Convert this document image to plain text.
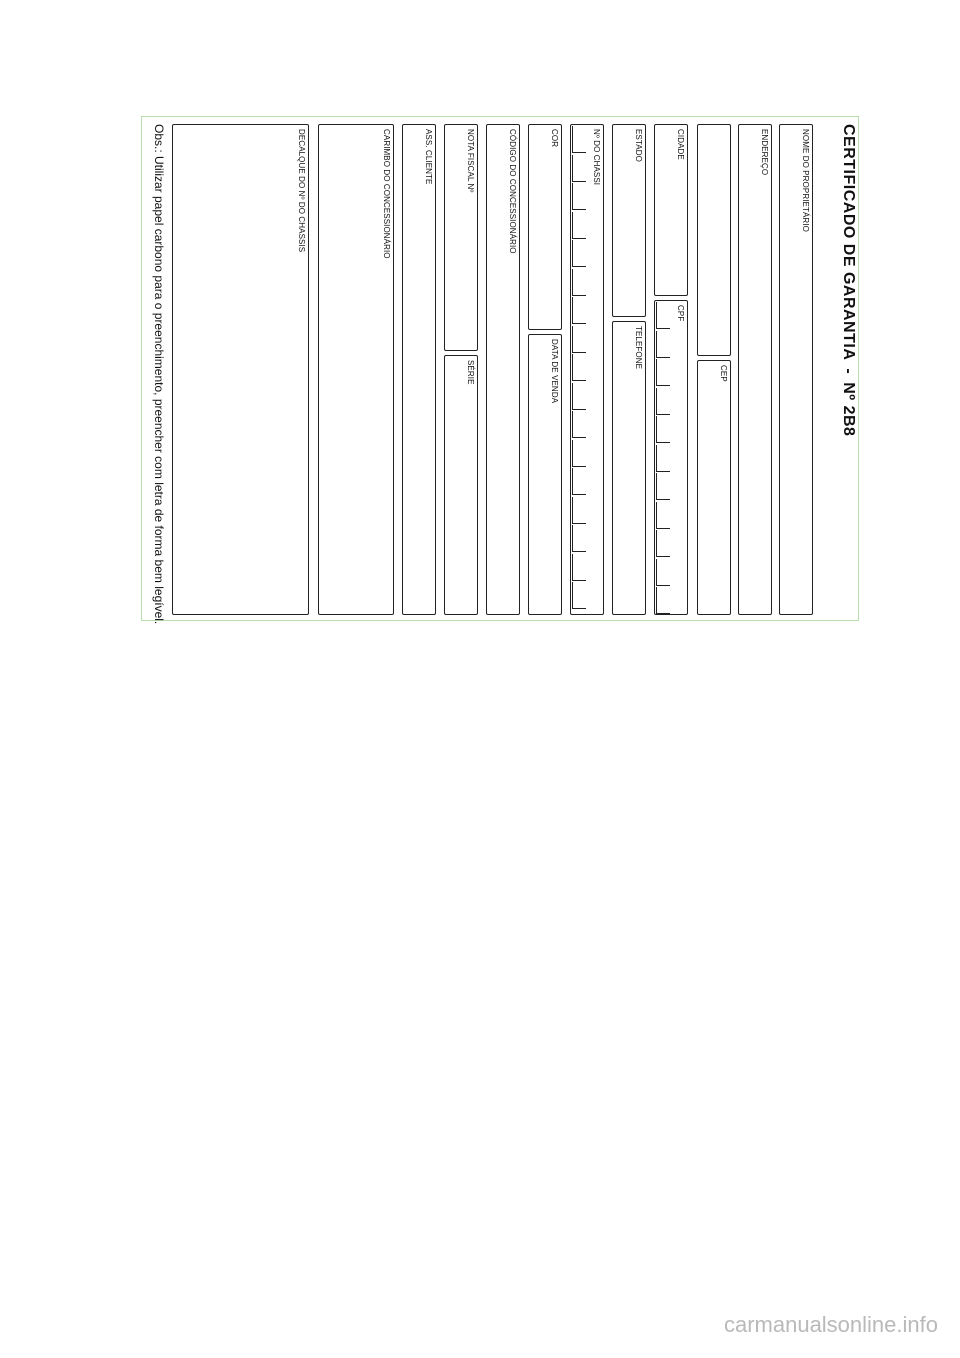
CERTIFICADO DE GARANTIA-Nº 2B8
NOME DO PROPRIETÁRIO
ENDEREÇO
CEP
CIDADE
CPF
ESTADO
TELEFONE
Nº DO CHASSI
COR
DATA DE VENDA
CÓDIGO DO CONCESSIONÁRIO
NOTA FISCAL Nº
SÉRIE
ASS. CLIENTE
CARIMBO DO CONCESSIONÁRIO
DECALQUE DO Nº DO CHASSIS
Obs.: Utilizar papel carbono para o preenchimento, preencher com letra de forma bem legível.
carmanualsonline.info
